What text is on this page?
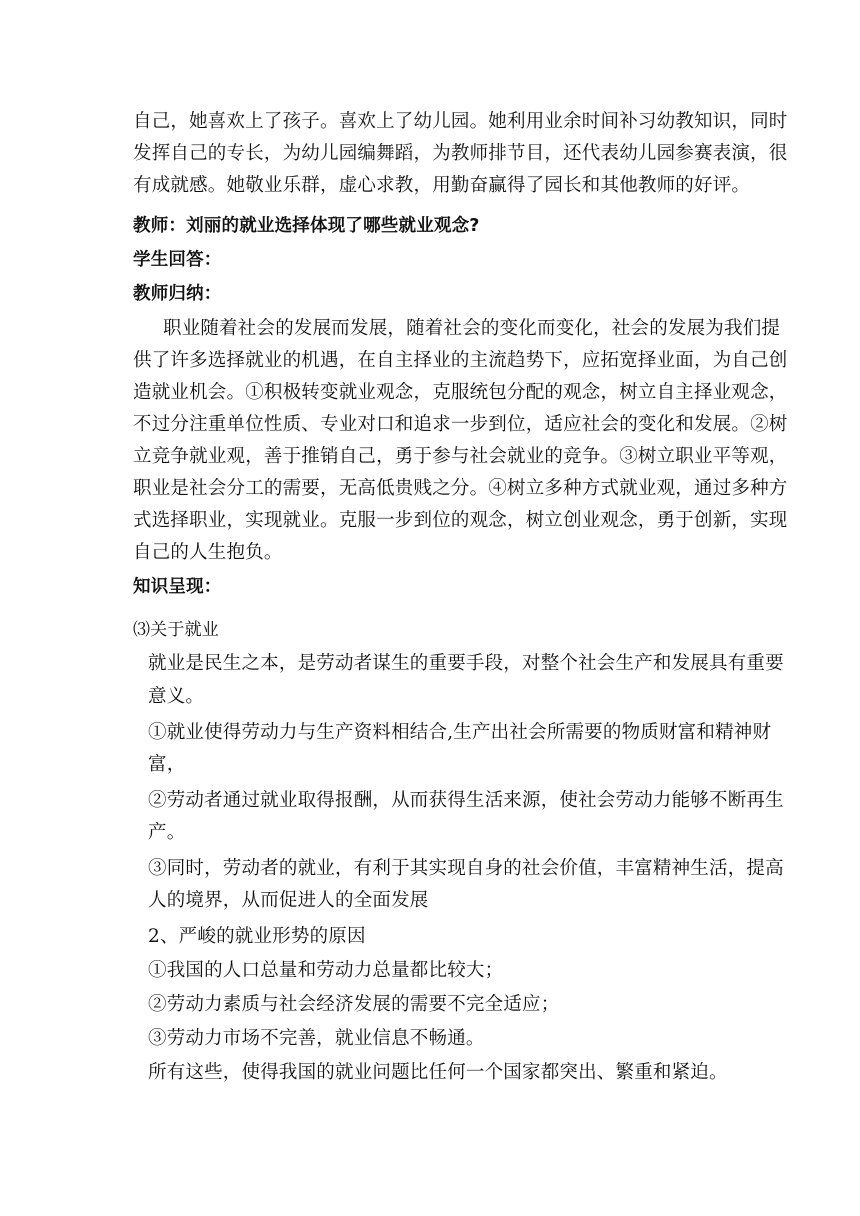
自己，她喜欢上了孩子。喜欢上了幼儿园。她利用业余时间补习幼教知识，同时
发挥自己的专长，为幼儿园编舞蹈，为教师排节目，还代表幼儿园参赛表演，很
有成就感。她敬业乐群，虚心求教，用勤奋赢得了园长和其他教师的好评。
教师：刘丽的就业选择体现了哪些就业观念?
学生回答：
教师归纳：
职业随着社会的发展而发展，随着社会的变化而变化，社会的发展为我们提
供了许多选择就业的机遇，在自主择业的主流趋势下，应拓宽择业面，为自己创
造就业机会。①积极转变就业观念，克服统包分配的观念，树立自主择业观念，
不过分注重单位性质、专业对口和追求一步到位，适应社会的变化和发展。②树
立竞争就业观，善于推销自己，勇于参与社会就业的竞争。③树立职业平等观，
职业是社会分工的需要，无高低贵贱之分。④树立多种方式就业观，通过多种方
式选择职业，实现就业。克服一步到位的观念，树立创业观念，勇于创新，实现
自己的人生抱负。
知识呈现：
⑶关于就业
就业是民生之本，是劳动者谋生的重要手段，对整个社会生产和发展具有重要
意义。
①就业使得劳动力与生产资料相结合,生产出社会所需要的物质财富和精神财
富，
②劳动者通过就业取得报酬，从而获得生活来源，使社会劳动力能够不断再生
产。
③同时，劳动者的就业，有利于其实现自身的社会价值，丰富精神生活，提高
人的境界，从而促进人的全面发展
2、严峻的就业形势的原因
①我国的人口总量和劳动力总量都比较大；
②劳动力素质与社会经济发展的需要不完全适应；
③劳动力市场不完善，就业信息不畅通。
所有这些，使得我国的就业问题比任何一个国家都突出、繁重和紧迫。
